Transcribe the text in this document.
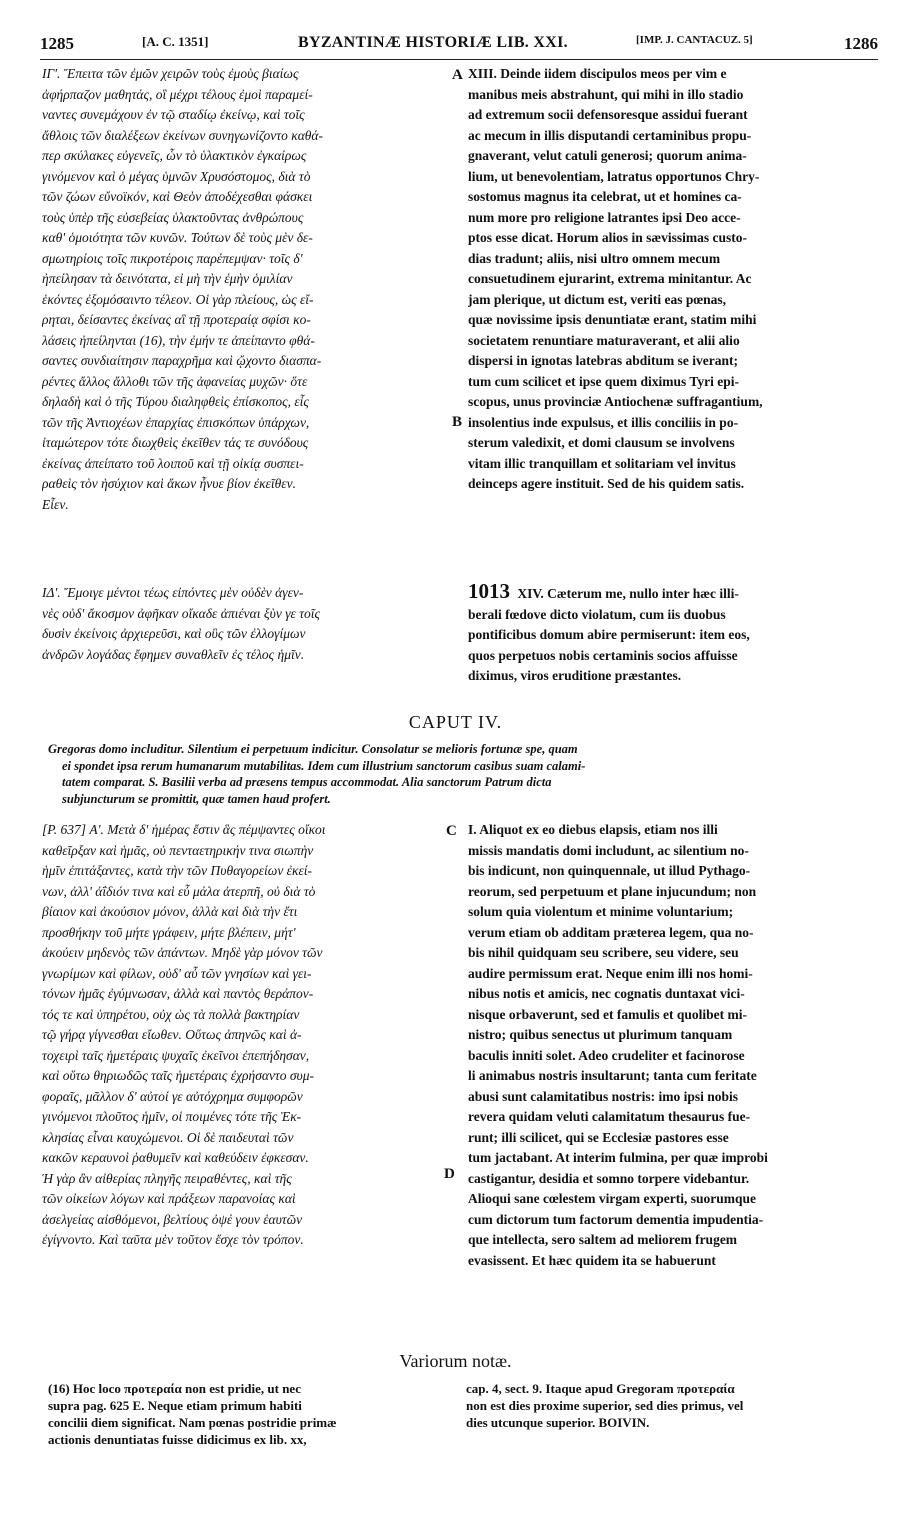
1285	[A. C. 1351]	BYZANTINÆ HISTORIÆ LIB. XXI.	[IMP. J. CANTACUZ. 5]	1286
ΙΓ'. Ἔπειτα τῶν ἐμῶν χειρῶν τοὺς ἐμοὺς βιαίως
ἀφήρπαζον μαθητάς, οἳ μέχρι τέλους ἐμοὶ παραμεί-
ναντες συνεμάχουν ἐν τῷ σταδίῳ ἐκείνῳ, καὶ τοῖς
ἄθλοις τῶν διαλέξεων ἐκείνων συνηγωνίζοντο καθά-
περ σκύλακες εὐγενεῖς, ὧν τὸ ὑλακτικὸν ἐγκαίρως
γινόμενον καὶ ὁ μέγας ὑμνῶν Χρυσόστομος, διὰ τὸ
τῶν ζώων εὔνοϊκόν, καὶ Θεὸν ἀποδέχεσθαι φάσκει
τοὺς ὑπὲρ τῆς εὐσεβείας ὑλακτοῦντας ἀνθρώπους
καθ' ὁμοιότητα τῶν κυνῶν. Τούτων δὲ τοὺς μὲν δε-
σμωτηρίοις τοῖς πικροτέροις παρέπεμψαν· τοῖς δ'
ἠπείλησαν τὰ δεινότατα, εἰ μὴ τὴν ἐμὴν ὁμιλίαν
ἑκόντες ἐξομόσαιντο τέλεον. Οἱ γὰρ πλείους, ὡς εἴ-
ρηται, δείσαντες ἐκείνας αἳ τῇ προτεραίᾳ σφίσι κο-
λάσεις ἠπείληνται (16), τὴν ἐμήν τε ἀπείπαντο φθά-
σαντες συνδιαίτησιν παραχρῆμα καὶ ᾤχοντο διασπα-
ρέντες ἄλλος ἄλλοθι τῶν τῆς ἀφανείας μυχῶν· ὅτε
δηλαδὴ καὶ ὁ τῆς Τύρου διαληφθεὶς ἐπίσκοπος, εἷς
τῶν τῆς Ἀντιοχέων ἐπαρχίας ἐπισκόπων ὑπάρχων,
ἰταμώτερον τότε διωχθεὶς ἐκεῖθεν τάς τε συνόδους
ἐκείνας ἀπείπατο τοῦ λοιποῦ καὶ τῇ οἰκίᾳ συσπει-
ραθεὶς τὸν ἡσύχιον καὶ ἄκων ἦνυε βίον ἐκεῖθεν.
Εἶεν.
XIII. Deinde iidem discipulos meos per vim e
manibus meis abstrahunt, qui mihi in illo stadio
ad extremum socii defensoresque assidui fuerant
ac mecum in illis disputandi certaminibus propu-
gnaverant, velut catuli generosi; quorum anima-
lium, ut benevolentiam, latratus opportunos Chry-
sostomus magnus ita celebrat, ut et homines ca-
num more pro religione latrantes ipsi Deo acce-
ptos esse dicat. Horum alios in sævissimas custo-
dias tradunt; aliis, nisi ultro omnem mecum
consuetudinem ejurarint, extrema minitantur. Ac
jam plerique, ut dictum est, veriti eas pœnas,
quæ novissime ipsis denuntiatæ erant, statim mihi
societatem renuntiare maturaverant, et alii alio
dispersi in ignotas latebras abditum se iverant;
tum cum scilicet et ipse quem diximus Tyri epi-
scopus, unus provinciæ Antiochenæ suffragantium,
insolentius inde expulsus, et illis conciliis in po-
sterum valedixit, et domi clausum se involvens
vitam illic tranquillam et solitariam vel invitus
deinceps agere instituit. Sed de his quidem satis.
A
B
ΙΔ'. Ἔμοιγε μέντοι τέως εἰπόντες μὲν οὐδὲν ἀγεν-
νὲς οὐδ' ἄκοσμον ἀφῆκαν οἴκαδε ἀπιέναι ξὺν γε τοῖς
δυσὶν ἐκείνοις ἀρχιερεῦσι, καὶ οὓς τῶν ἐλλογίμων
ἀνδρῶν λογάδας ἔφημεν συναθλεῖν ἐς τέλος ἡμῖν.
1013 XIV. Cæterum me, nullo inter hæc illi-
berali fœdove dicto violatum, cum iis duobus
pontificibus domum abire permiserunt: item eos,
quos perpetuos nobis certaminis socios affuisse
diximus, viros eruditione præstantes.
CAPUT IV.
Gregoras domo includitur. Silentium ei perpetuum indicitur. Consolatur se melioris fortunæ spe, quam
ei spondet ipsa rerum humanarum mutabilitas. Idem cum illustrium sanctorum casibus suam calami-
tatem comparat. S. Basilii verba ad præsens tempus accommodat. Alia sanctorum Patrum dicta
subjuncturum se promittit, quæ tamen haud profert.
[P. 637] Α'. Μετὰ δ' ἡμέρας ἔστιν ἃς πέμψαντες οἴκοι
καθεῖρξαν καὶ ἡμᾶς, οὐ πενταετηρικήν τινα σιωπὴν
ἡμῖν ἐπιτάξαντες, κατὰ τὴν τῶν Πυθαγορείων ἐκεί-
νων, ἀλλ' ἀΐδιόν τινα καὶ εὖ μάλα ἀτερπῆ, οὐ διὰ τὸ
βίαιον καὶ ἀκούσιον μόνον, ἀλλὰ καὶ διὰ τὴν ἔτι
προσθήκην τοῦ μήτε γράφειν, μήτε βλέπειν, μήτ'
ἀκούειν μηδενὸς τῶν ἁπάντων. Μηδὲ γὰρ μόνον τῶν
γνωρίμων καὶ φίλων, οὐδ' αὖ τῶν γνησίων καὶ γει-
τόνων ἡμᾶς ἐγύμνωσαν, ἀλλὰ καὶ παντὸς θεράπον-
τός τε καὶ ὑπηρέτου, οὐχ ὡς τὰ πολλὰ βακτηρίαν
τῷ γήρᾳ γίγνεσθαι εἴωθεν. Οὕτως ἀπηνῶς καὶ ἀ-
τοχειρὶ ταῖς ἡμετέραις ψυχαῖς ἐκεῖνοι ἐπεπήδησαν,
καὶ οὕτω θηριωδῶς ταῖς ἡμετέραις ἐχρήσαντο συμ-
φοραῖς, μᾶλλον δ' αὐτοί γε αὐτόχρημα συμφορῶν
γινόμενοι πλοῦτος ἡμῖν, οἱ ποιμένες τότε τῆς Ἐκ-
κλησίας εἶναι καυχώμενοι. Οἱ δὲ παιδευταὶ τῶν
κακῶν κεραυνοὶ ῥαθυμεῖν καὶ καθεύδειν ἐφκεσαν.
Ἡ γὰρ ἂν αἰθερίας πληγῆς πειραθέντες, καὶ τῆς
τῶν οἰκείων λόγων καὶ πράξεων παρανοίας καὶ
ἀσελγείας αἰσθόμενοι, βελτίους ὀψέ γουν ἑαυτῶν
ἐγίγνοντο. Καὶ ταῦτα μὲν τοῦτον ἔσχε τὸν τρόπον.
I. Aliquot ex eo diebus elapsis, etiam nos illi
missis mandatis domi includunt, ac silentium no-
bis indicunt, non quinquennale, ut illud Pythago-
reorum, sed perpetuum et plane injucundum; non
solum quia violentum et minime voluntarium;
verum etiam ob additam præterea legem, qua no-
bis nihil quidquam seu scribere, seu videre, seu
audire permissum erat. Neque enim illi nos homi-
nibus notis et amicis, nec cognatis duntaxat vici-
nisque orbaverunt, sed et famulis et quolibet mi-
nistro; quibus senectus ut plurimum tanquam
baculis inniti solet. Adeo crudeliter et facinorose
li animabus nostris insultarunt; tanta cum feritate
abusi sunt calamitatibus nostris: imo ipsi nobis
revera quidam veluti calamitatum thesaurus fue-
runt; illi scilicet, qui se Ecclesiæ pastores esse
tum jactabant. At interim fulmina, per quæ improbi
castigantur, desidia et somno torpere videbantur.
Alioqui sane cœlestem virgam experti, suorumque
cum dictorum tum factorum dementia impudentia-
que intellecta, sero saltem ad meliorem frugem
evasissent. Et hæc quidem ita se habuerunt
C
D
Variorum notæ.
(16) Hoc loco προτεραία non est pridie, ut nec
supra pag. 625 E. Neque etiam primum habiti
concilii diem significat. Nam pœnas postridie primæ
actionis denuntiatas fuisse didicimus ex lib. xx,
cap. 4, sect. 9. Itaque apud Gregoram προτεραία
non est dies proxime superior, sed dies primus, vel
dies utcunque superior. BOIVIN.
